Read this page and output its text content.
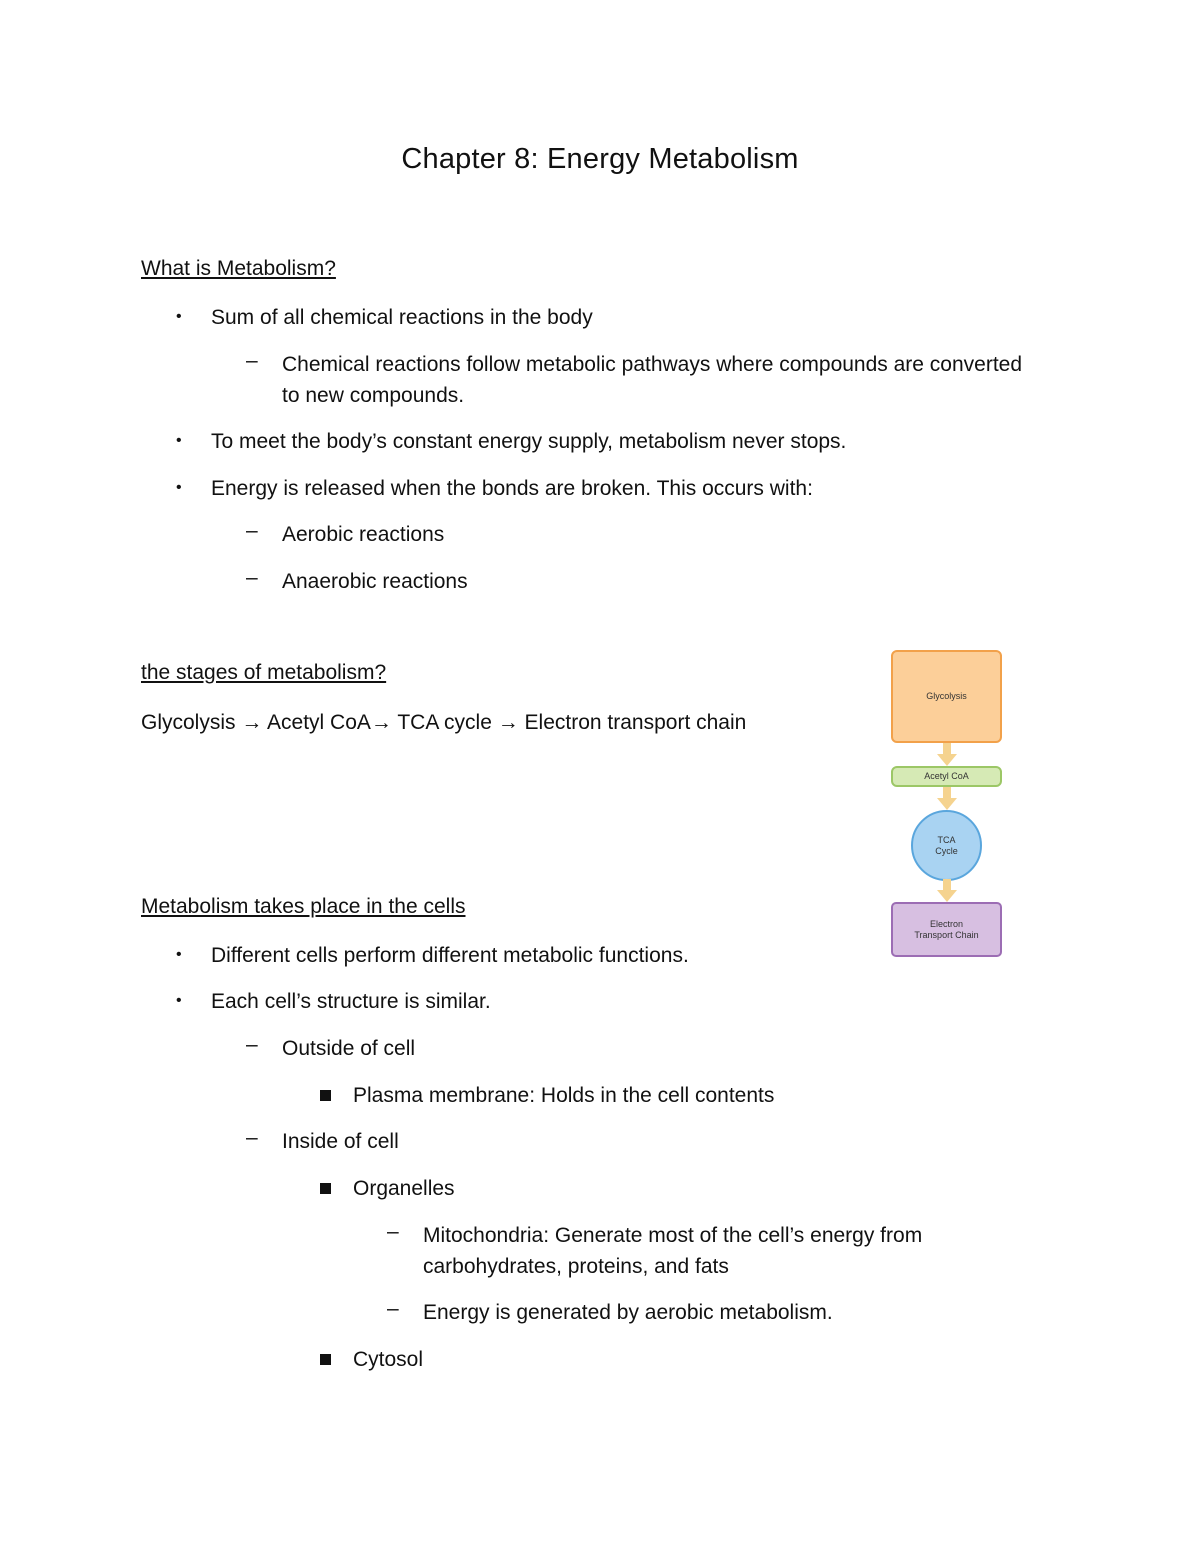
Chapter 8: Energy Metabolism
What is Metabolism?
• Sum of all chemical reactions in the body
– Chemical reactions follow metabolic pathways where compounds are converted
to new compounds.
• To meet the body’s constant energy supply, metabolism never stops.
• Energy is released when the bonds are broken. This occurs with:
– Aerobic reactions
– Anaerobic reactions
the stages of metabolism?
Glycolysis → Acetyl CoA→ TCA cycle → Electron transport chain
Glycolysis
Acetyl CoA
TCA Cycle
Electron Transport Chain
Metabolism takes place in the cells
• Different cells perform different metabolic functions.
• Each cell’s structure is similar.
– Outside of cell
Plasma membrane: Holds in the cell contents
– Inside of cell
Organelles
– Mitochondria: Generate most of the cell’s energy from
carbohydrates, proteins, and fats
– Energy is generated by aerobic metabolism.
Cytosol
